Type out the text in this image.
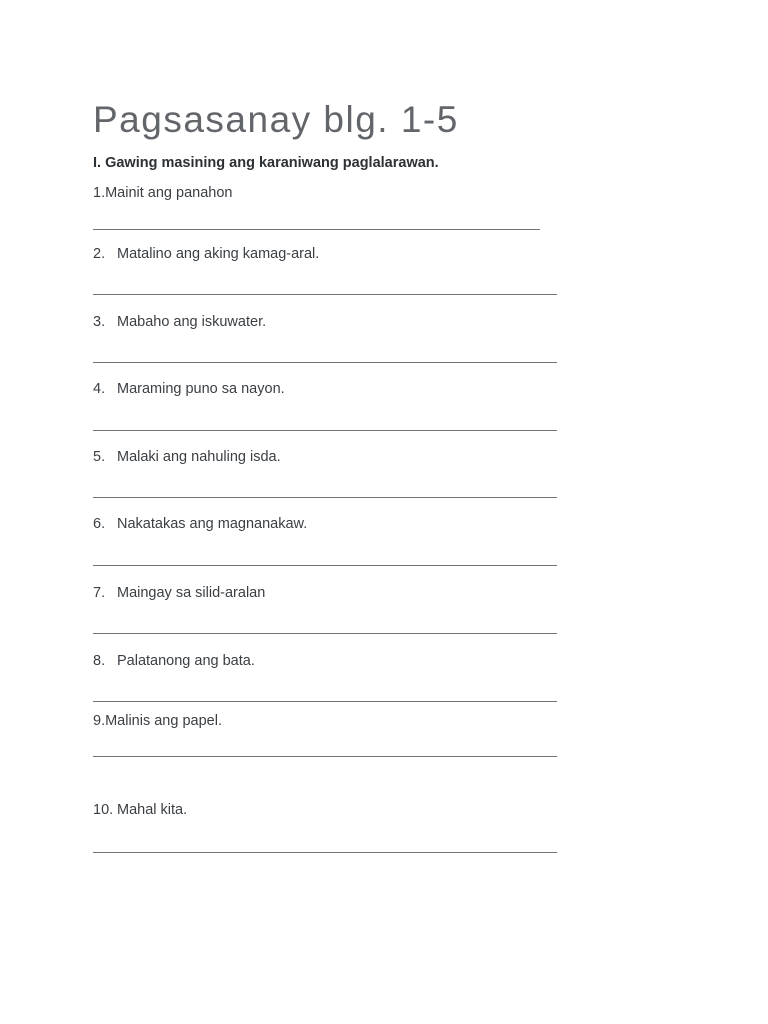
Pagsasanay blg. 1-5
I. Gawing masining ang karaniwang paglalarawan.
1.Mainit ang panahon
2. Matalino ang aking kamag-aral.
3. Mabaho ang iskuwater.
4. Maraming puno sa nayon.
5. Malaki ang nahuling isda.
6. Nakatakas ang magnanakaw.
7. Maingay sa silid-aralan
8. Palatanong ang bata.
9.Malinis ang papel.
10. Mahal kita.
